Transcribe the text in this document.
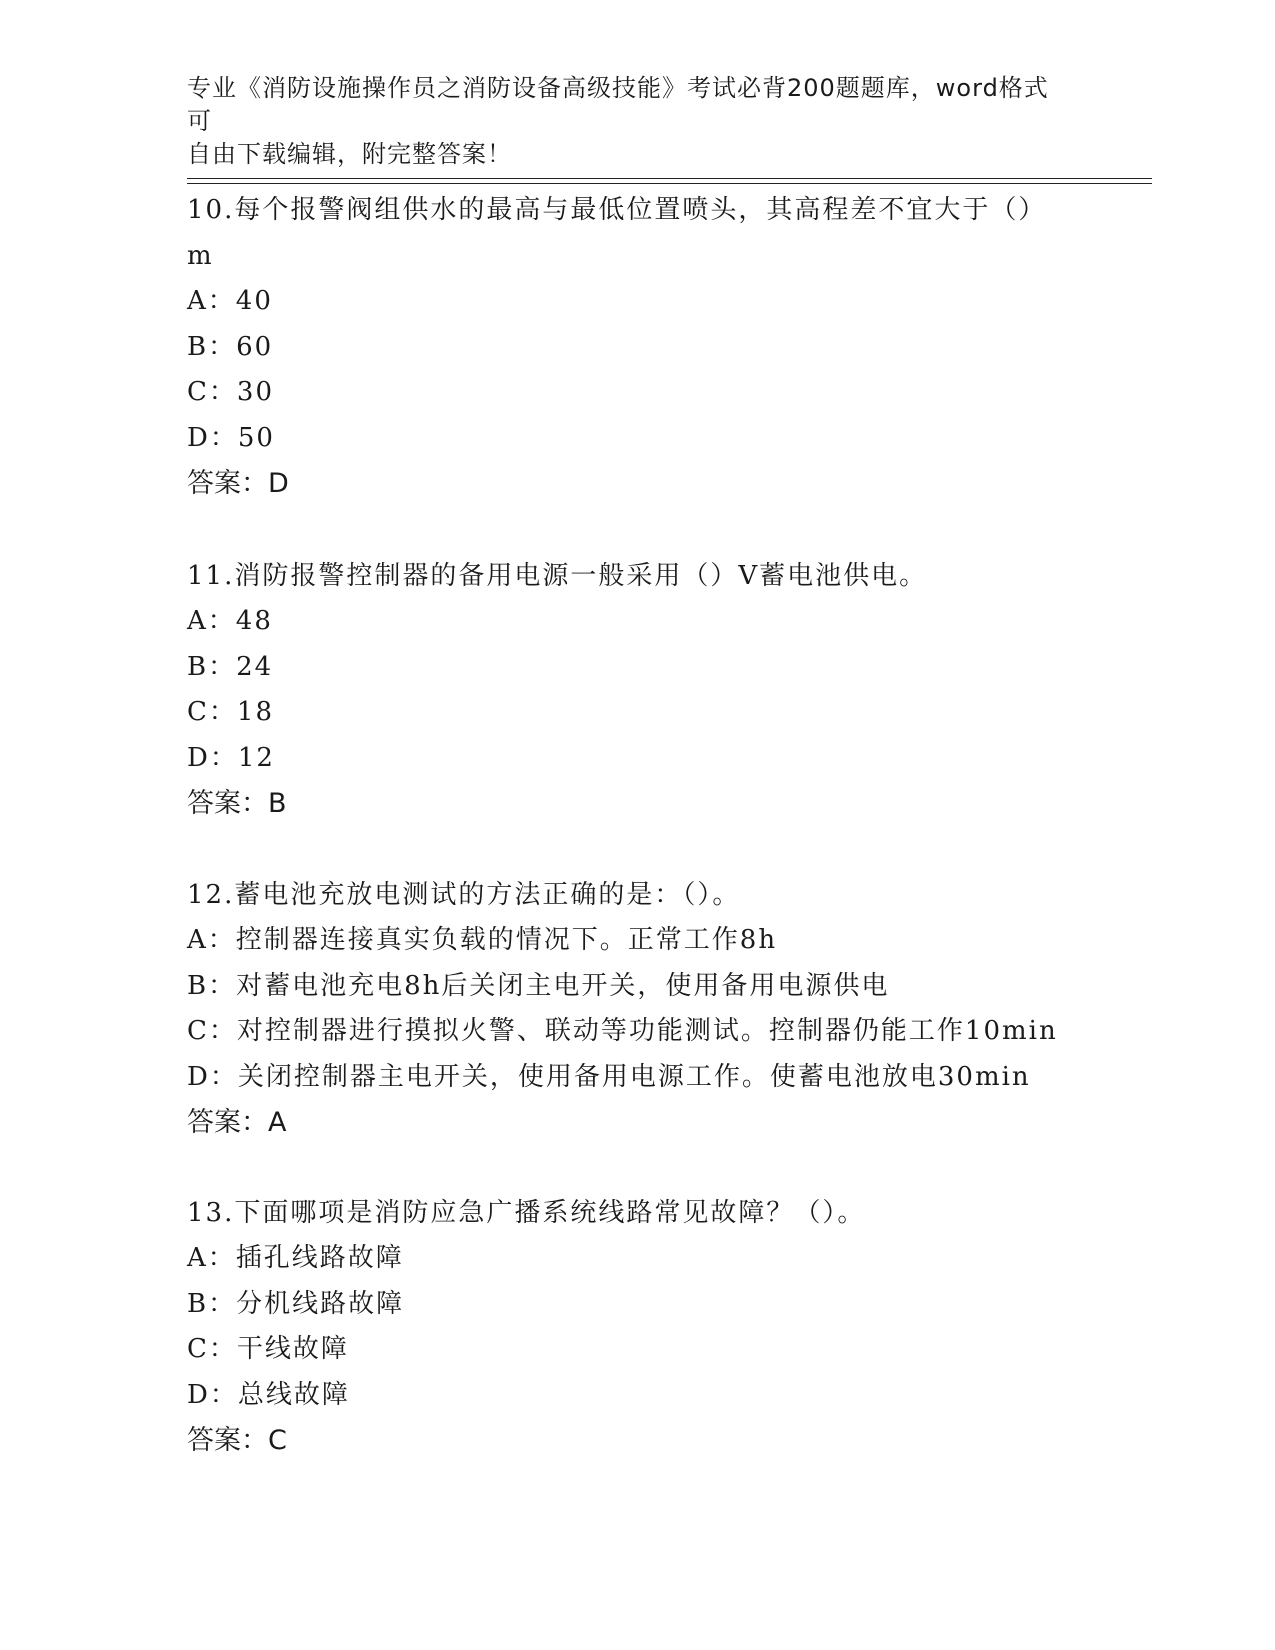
专业《消防设施操作员之消防设备高级技能》考试必背200题题库，word格式可
自由下载编辑，附完整答案！

10.每个报警阀组供水的最高与最低位置喷头，其高程差不宜大于（）

m

A：40

B：60

C：30

D：50

答案：D

11.消防报警控制器的备用电源一般采用（）V蓄电池供电。

A：48

B：24

C：18

D：12

答案：B

12.蓄电池充放电测试的方法正确的是：（）。

A：控制器连接真实负载的情况下。正常工作8h

B：对蓄电池充电8h后关闭主电开关，使用备用电源供电

C：对控制器进行摸拟火警、联动等功能测试。控制器仍能工作10min

D：关闭控制器主电开关，使用备用电源工作。使蓄电池放电30min

答案：A

13.下面哪项是消防应急广播系统线路常见故障？（）。

A：插孔线路故障

B：分机线路故障

C：干线故障

D：总线故障

答案：C
